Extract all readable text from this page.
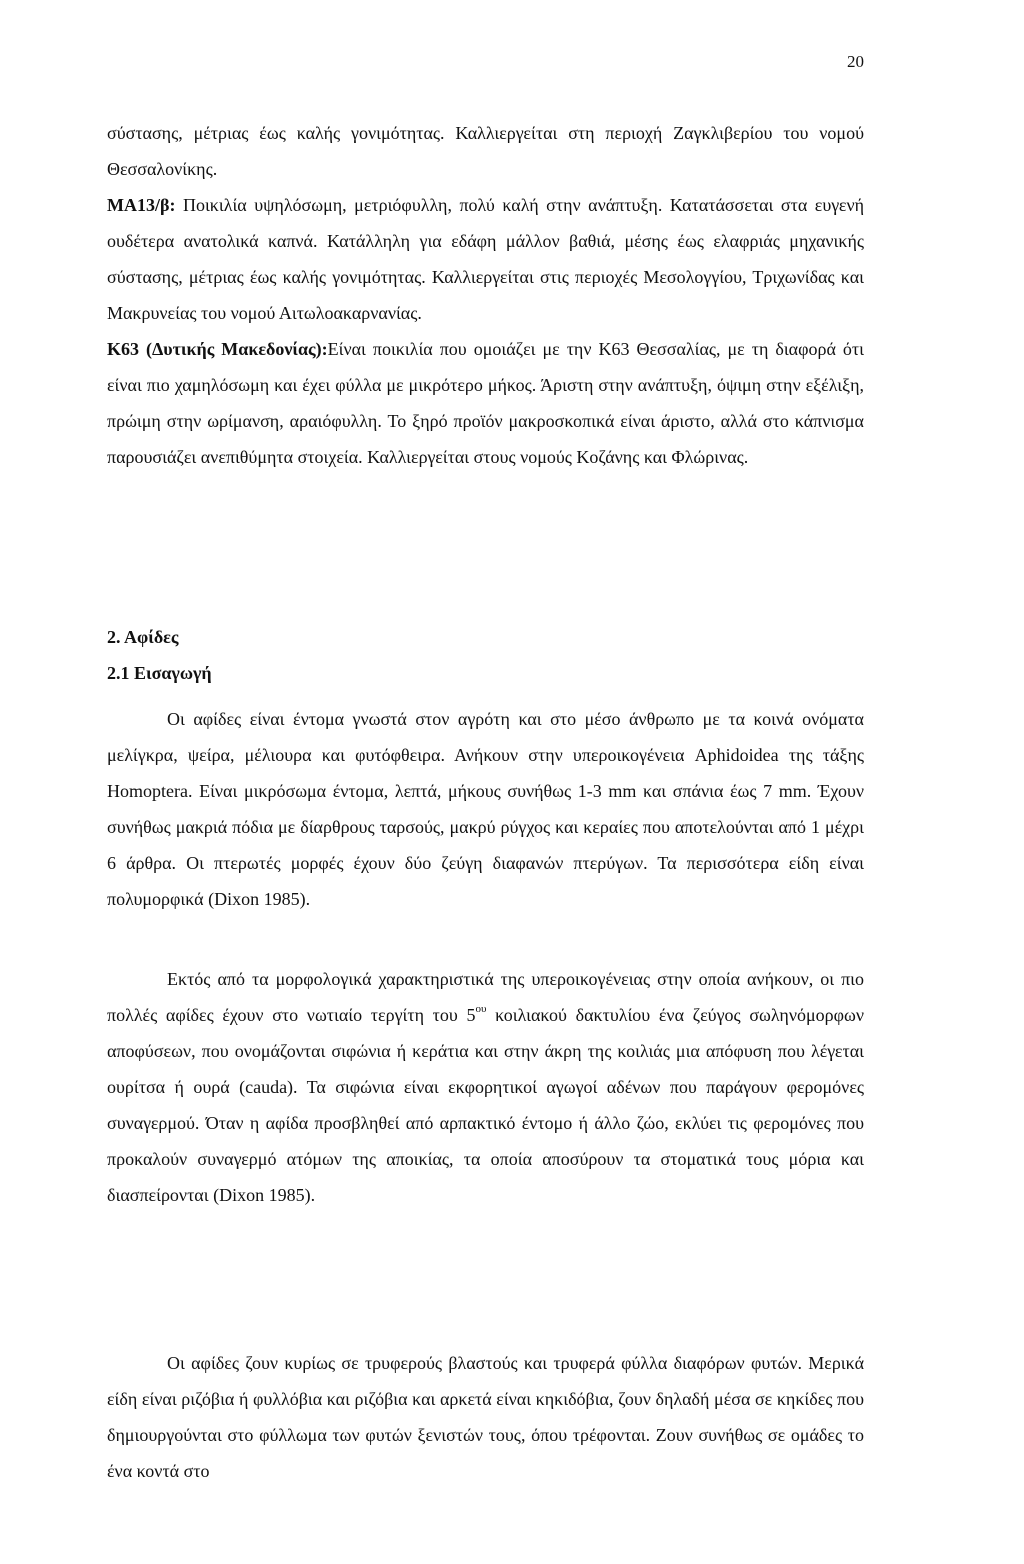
20

σύστασης, μέτριας έως καλής γονιμότητας. Καλλιεργείται στη περιοχή Ζαγκλιβερίου του νομού Θεσσαλονίκης.

ΜΑ13/β: Ποικιλία υψηλόσωμη, μετριόφυλλη, πολύ καλή στην ανάπτυξη. Κατατάσσεται στα ευγενή ουδέτερα ανατολικά καπνά. Κατάλληλη για εδάφη μάλλον βαθιά, μέσης έως ελαφριάς μηχανικής σύστασης, μέτριας έως καλής γονιμότητας. Καλλιεργείται στις περιοχές Μεσολογγίου, Τριχωνίδας και Μακρυνείας του νομού Αιτωλοακαρνανίας.

Κ63 (Δυτικής Μακεδονίας):Είναι ποικιλία που ομοιάζει με την Κ63 Θεσσαλίας, με τη διαφορά ότι είναι πιο χαμηλόσωμη και έχει φύλλα με μικρότερο μήκος. Άριστη στην ανάπτυξη, όψιμη στην εξέλιξη, πρώιμη στην ωρίμανση, αραιόφυλλη. Το ξηρό προϊόν μακροσκοπικά είναι άριστο, αλλά στο κάπνισμα παρουσιάζει ανεπιθύμητα στοιχεία. Καλλιεργείται στους νομούς Κοζάνης και Φλώρινας.

2. Αφίδες
2.1 Εισαγωγή

Οι αφίδες είναι έντομα γνωστά στον αγρότη και στο μέσο άνθρωπο με τα κοινά ονόματα μελίγκρα, ψείρα, μέλιουρα και φυτόφθειρα. Ανήκουν στην υπεροικογένεια Aphidoidea της τάξης Homoptera. Είναι μικρόσωμα έντομα, λεπτά, μήκους συνήθως 1-3 mm και σπάνια έως 7 mm. Έχουν συνήθως μακριά πόδια με δίαρθρους ταρσούς, μακρύ ρύγχος και κεραίες που αποτελούνται από 1 μέχρι 6 άρθρα. Οι πτερωτές μορφές έχουν δύο ζεύγη διαφανών πτερύγων. Τα περισσότερα είδη είναι πολυμορφικά (Dixon 1985).

Εκτός από τα μορφολογικά χαρακτηριστικά της υπεροικογένειας στην οποία ανήκουν, οι πιο πολλές αφίδες έχουν στο νωτιαίο τεργίτη του $5^{o\upsilon}$ κοιλιακού δακτυλίου ένα ζεύγος σωληνόμορφων αποφύσεων, που ονομάζονται σιφώνια ή κεράτια και στην άκρη της κοιλιάς μια απόφυση που λέγεται ουρίτσα ή ουρά (cauda). Τα σιφώνια είναι εκφορητικοί αγωγοί αδένων που παράγουν φερομόνες συναγερμού. Όταν η αφίδα προσβληθεί από αρπακτικό έντομο ή άλλο ζώο, εκλύει τις φερομόνες που προκαλούν συναγερμό ατόμων της αποικίας, τα οποία αποσύρουν τα στοματικά τους μόρια και διασπείρονται (Dixon 1985).

Οι αφίδες ζουν κυρίως σε τρυφερούς βλαστούς και τρυφερά φύλλα διαφόρων φυτών. Μερικά είδη είναι ριζόβια ή φυλλόβια και ριζόβια και αρκετά είναι κηκιδόβια, ζουν δηλαδή μέσα σε κηκίδες που δημιουργούνται στο φύλλωμα των φυτών ξενιστών τους, όπου τρέφονται. Ζουν συνήθως σε ομάδες το ένα κοντά στο
